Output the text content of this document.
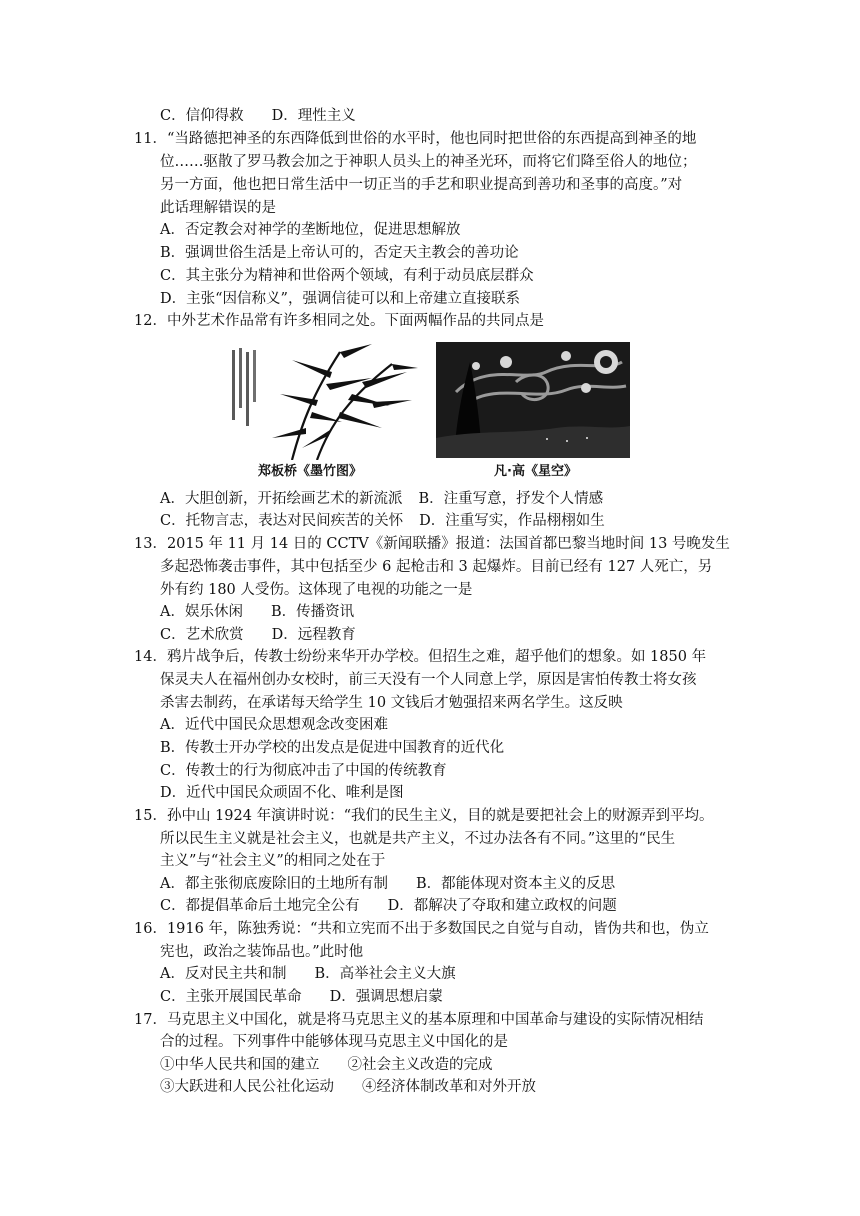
C．信仰得救 D．理性主义
11．“当路德把神圣的东西降低到世俗的水平时，他也同时把世俗的东西提高到神圣的地
位……驱散了罗马教会加之于神职人员头上的神圣光环，而将它们降至俗人的地位；
另一方面，他也把日常生活中一切正当的手艺和职业提高到善功和圣事的高度。”对
此话理解错误的是
A．否定教会对神学的垄断地位，促进思想解放
B．强调世俗生活是上帝认可的，否定天主教会的善功论
C．其主张分为精神和世俗两个领域，有利于动员底层群众
D．主张“因信称义”，强调信徒可以和上帝建立直接联系
12．中外艺术作品常有许多相同之处。下面两幅作品的共同点是
郑板桥《墨竹图》	凡·高《星空》
A．大胆创新，开拓绘画艺术的新流派 B．注重写意，抒发个人情感
C．托物言志，表达对民间疾苦的关怀 D．注重写实，作品栩栩如生
13．2015 年 11 月 14 日的 CCTV《新闻联播》报道：法国首都巴黎当地时间 13 号晚发生
多起恐怖袭击事件，其中包括至少 6 起枪击和 3 起爆炸。目前已经有 127 人死亡，另
外有约 180 人受伤。这体现了电视的功能之一是
A．娱乐休闲 B．传播资讯
C．艺术欣赏 D．远程教育
14．鸦片战争后，传教士纷纷来华开办学校。但招生之难，超乎他们的想象。如 1850 年
保灵夫人在福州创办女校时，前三天没有一个人同意上学，原因是害怕传教士将女孩
杀害去制药，在承诺每天给学生 10 文钱后才勉强招来两名学生。这反映
A．近代中国民众思想观念改变困难
B．传教士开办学校的出发点是促进中国教育的近代化
C．传教士的行为彻底冲击了中国的传统教育
D．近代中国民众顽固不化、唯利是图
15．孙中山 1924 年演讲时说：“我们的民生主义，目的就是要把社会上的财源弄到平均。
所以民生主义就是社会主义，也就是共产主义，不过办法各有不同。”这里的“民生
主义”与“社会主义”的相同之处在于
A．都主张彻底废除旧的土地所有制 B．都能体现对资本主义的反思
C．都提倡革命后土地完全公有 D．都解决了夺取和建立政权的问题
16．1916 年，陈独秀说：“共和立宪而不出于多数国民之自觉与自动，皆伪共和也，伪立
宪也，政治之装饰品也。”此时他
A．反对民主共和制 B．高举社会主义大旗
C．主张开展国民革命 D．强调思想启蒙
17．马克思主义中国化，就是将马克思主义的基本原理和中国革命与建设的实际情况相结
合的过程。下列事件中能够体现马克思主义中国化的是
①中华人民共和国的建立 ②社会主义改造的完成
③大跃进和人民公社化运动 ④经济体制改革和对外开放
